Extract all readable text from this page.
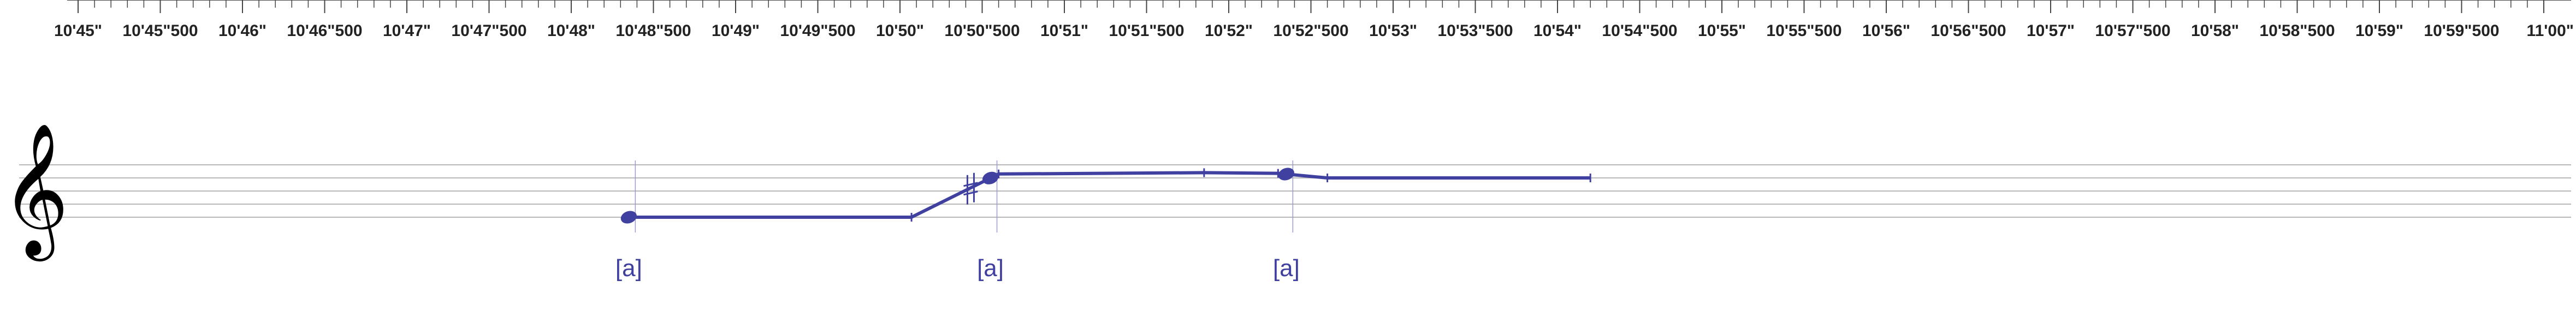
10'45" 10'45"500 10'46" 10'46"500 10'47" 10'47"500 10'48" 10'48"500 10'49" 10'49"500 10'50" 10'50"500 10'51" 10'51"500 10'52" 10'52"500 10'53" 10'53"500 10'54" 10'54"500 10'55" 10'55"500 10'56" 10'56"500 10'57" 10'57"500 10'58" 10'58"500 10'59" 10'59"500 11'00"
𝄞
[a]	[a]	[a]
